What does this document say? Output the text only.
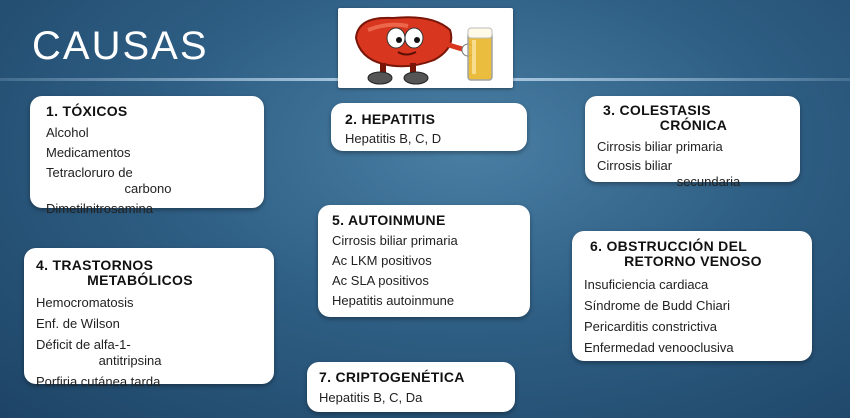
CAUSAS
1. TÓXICOS
Alcohol
Medicamentos
Tetracloruro de
carbono
Dimetilnitrosamina
2. HEPATITIS
Hepatitis B, C, D
3. COLESTASIS
CRÓNICA
Cirrosis biliar primaria
Cirrosis biliar
secundaria
4. TRASTORNOS
METABÓLICOS
Hemocromatosis
Enf. de Wilson
Déficit de alfa-1-
antitripsina
Porfiria cutánea tarda
5. AUTOINMUNE
Cirrosis biliar primaria
Ac LKM positivos
Ac SLA positivos
Hepatitis autoinmune
6. OBSTRUCCIÓN DEL
RETORNO VENOSO
Insuficiencia cardiaca
Síndrome de Budd Chiari
Pericarditis constrictiva
Enfermedad venooclusiva
7. CRIPTOGENÉTICA
Hepatitis B, C, Da
